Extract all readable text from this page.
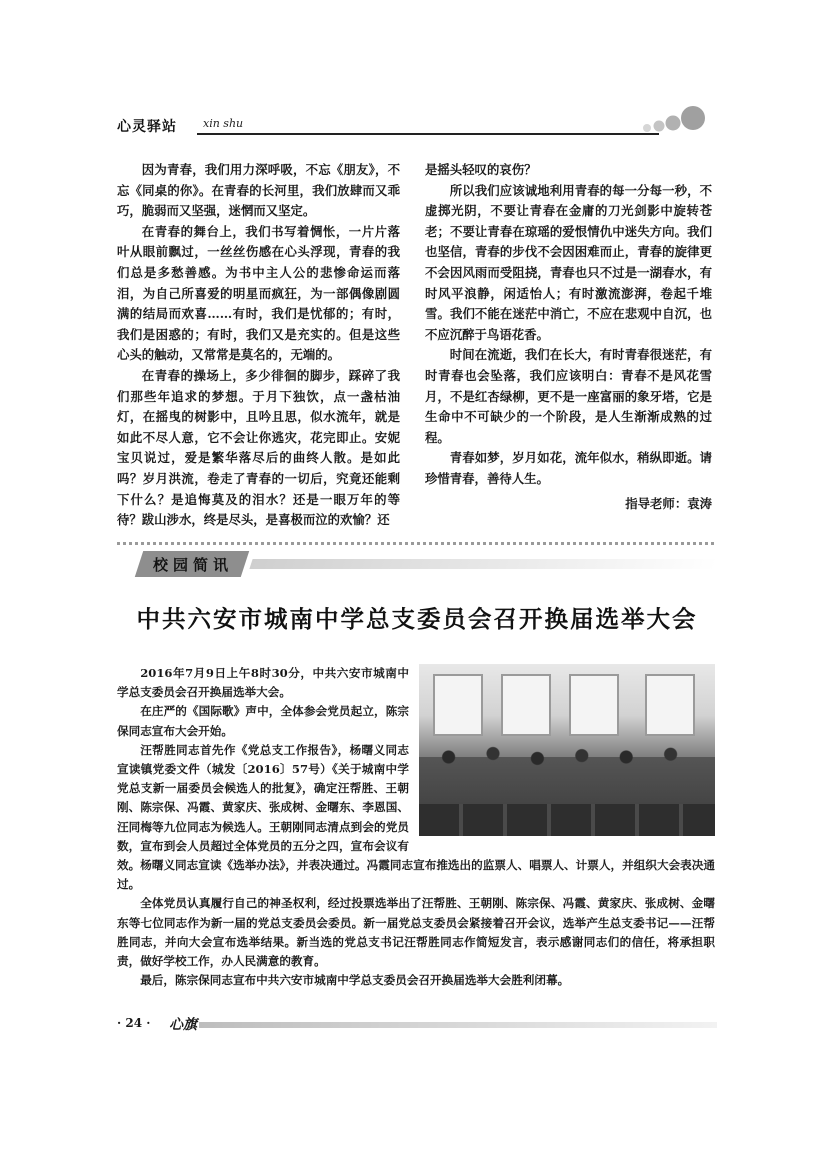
心灵驿站 xin shu

因为青春，我们用力深呼吸，不忘《朋友》，不忘《同桌的你》。在青春的长河里，我们放肆而又乖巧，脆弱而又坚强，迷惘而又坚定。

在青春的舞台上，我们书写着惆怅，一片片落叶从眼前飘过，一丝丝伤感在心头浮现，青春的我们总是多愁善感。为书中主人公的悲惨命运而落泪，为自己所喜爱的明星而疯狂，为一部偶像剧圆满的结局而欢喜……有时，我们是忧郁的；有时，我们是困惑的；有时，我们又是充实的。但是这些心头的触动，又常常是莫名的，无端的。

在青春的操场上，多少徘徊的脚步，踩碎了我们那些年追求的梦想。于月下独饮，点一盏枯油灯，在摇曳的树影中，且吟且思，似水流年，就是如此不尽人意，它不会让你逃灾，花完即止。安妮宝贝说过，爱是繁华落尽后的曲终人散。是如此吗？岁月洪流，卷走了青春的一切后，究竟还能剩下什么？是追悔莫及的泪水？还是一眼万年的等待？跋山涉水，终是尽头，是喜极而泣的欢愉？还

是摇头轻叹的哀伤？

所以我们应该诚地利用青春的每一分每一秒，不虚掷光阴，不要让青春在金庸的刀光剑影中旋转苍老；不要让青春在琼瑶的爱恨情仇中迷失方向。我们也坚信，青春的步伐不会因困难而止，青春的旋律更不会因风雨而受阻挠，青春也只不过是一湖春水，有时风平浪静，闲适怡人；有时激流澎湃，卷起千堆雪。我们不能在迷茫中消亡，不应在悲观中自沉，也不应沉醉于鸟语花香。

时间在流逝，我们在长大，有时青春很迷茫，有时青春也会坠落，我们应该明白：青春不是风花雪月，不是红杏绿柳，更不是一座富丽的象牙塔，它是生命中不可缺少的一个阶段，是人生渐渐成熟的过程。

青春如梦，岁月如花，流年似水，稍纵即逝。请珍惜青春，善待人生。

指导老师：袁涛

校园简讯
中共六安市城南中学总支委员会召开换届选举大会

2016年7月9日上午8时30分，中共六安市城南中学总支委员会召开换届选举大会。

在庄严的《国际歌》声中，全体参会党员起立，陈宗保同志宣布大会开始。

汪帮胜同志首先作《党总支工作报告》，杨曙义同志宣读镇党委文件（城发〔2016〕57号）《关于城南中学党总支新一届委员会候选人的批复》，确定汪帮胜、王朝刚、陈宗保、冯霞、黄家庆、张成树、金曙东、李恩国、汪同梅等九位同志为候选人。王朝刚同志清点到会的党员数，宣布到会人员超过全体党员的五分之四，宣布会议有效。杨曙义同志宣读《选举办法》，并表决通过。冯霞同志宣布推选出的监票人、唱票人、计票人，并组织大会表决通过。

全体党员认真履行自己的神圣权利，经过投票选举出了汪帮胜、王朝刚、陈宗保、冯霞、黄家庆、张成树、金曙东等七位同志作为新一届的党总支委员会委员。新一届党总支委员会紧接着召开会议，选举产生总支委书记——汪帮胜同志，并向大会宣布选举结果。新当选的党总支书记汪帮胜同志作简短发言，表示感谢同志们的信任，将承担职责，做好学校工作，办人民满意的教育。

最后，陈宗保同志宣布中共六安市城南中学总支委员会召开换届选举大会胜利闭幕。

· 24 · 心旗
